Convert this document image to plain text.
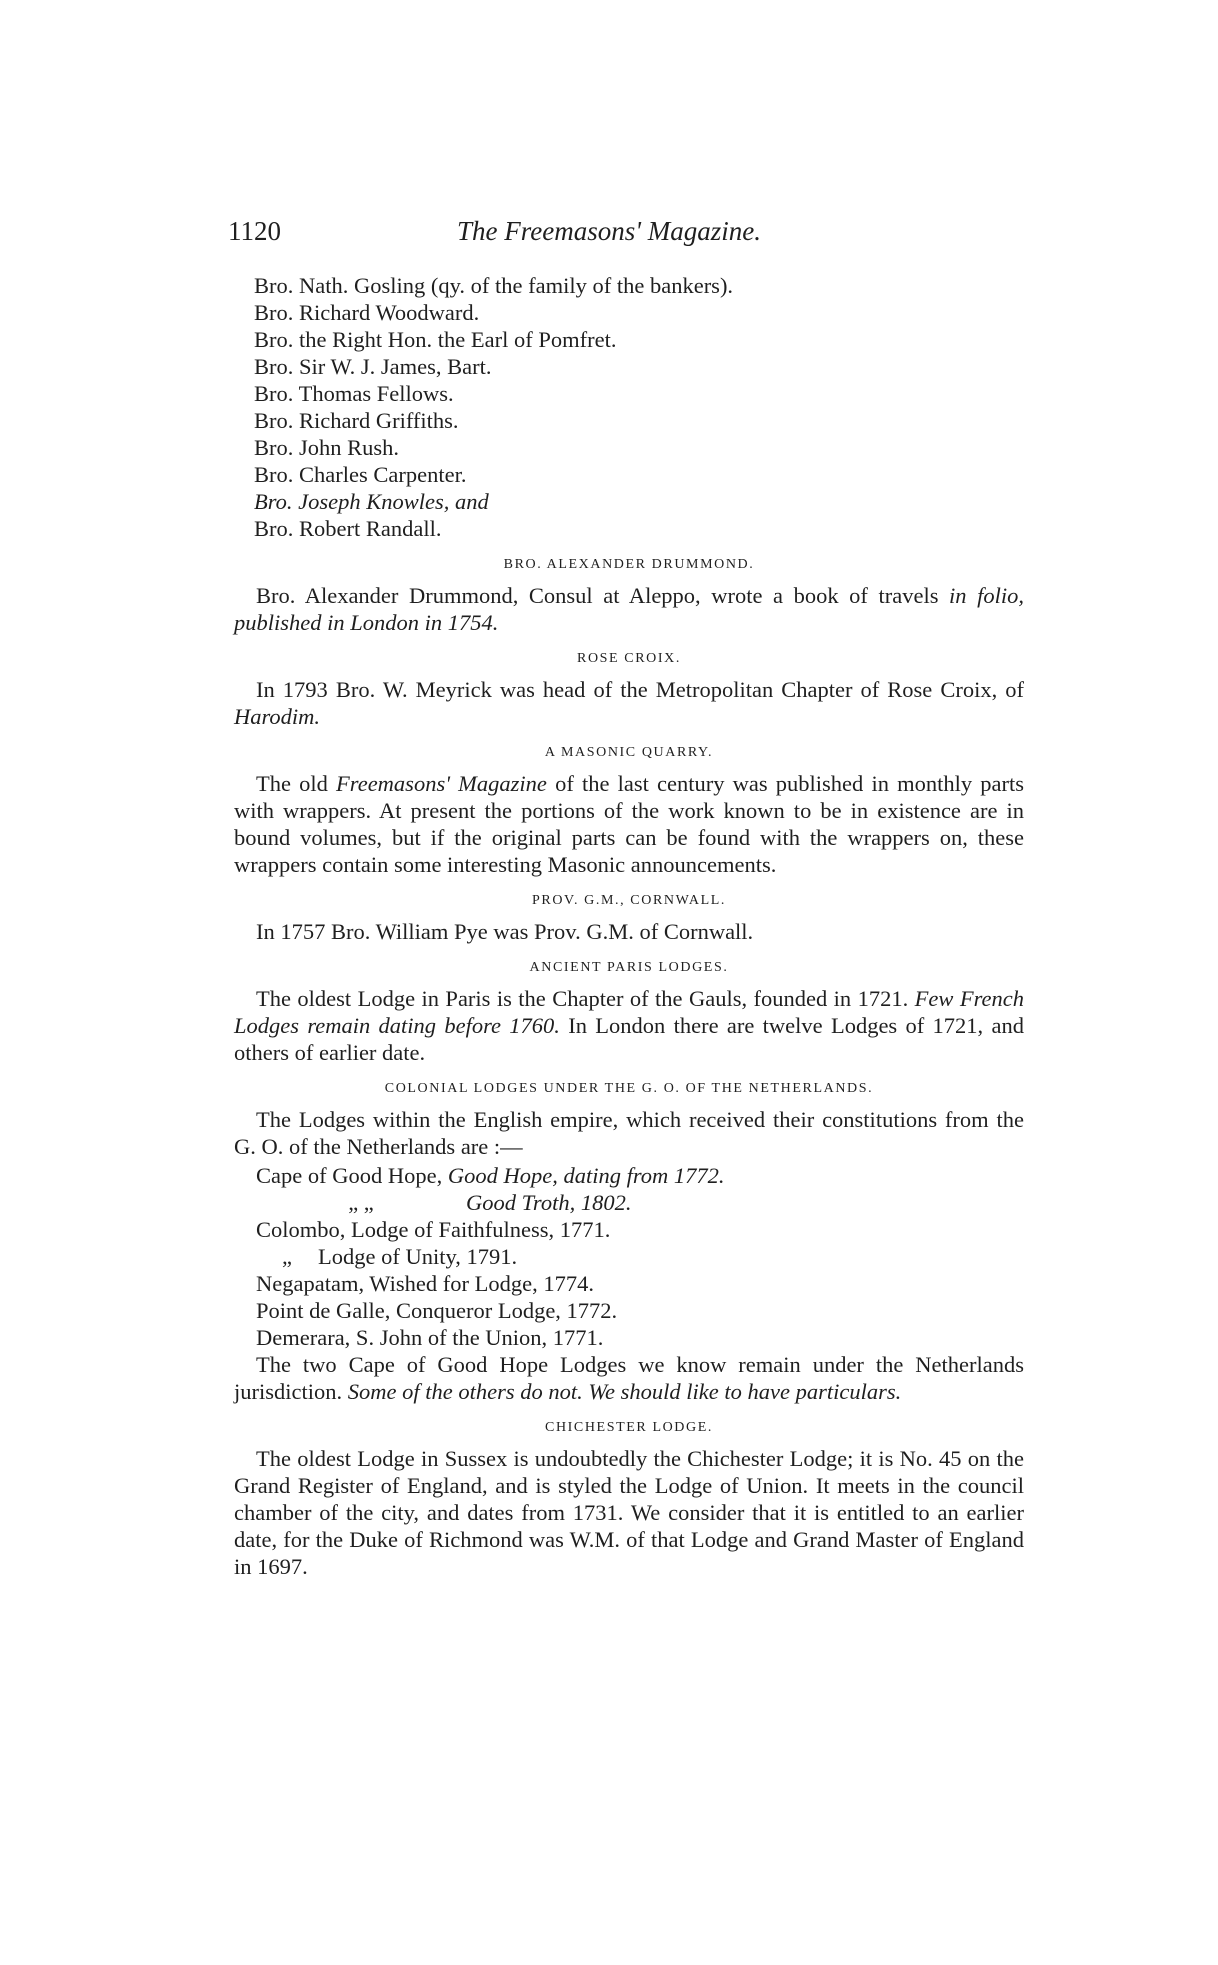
1120	The Freemasons' Magazine.
Bro. Nath. Gosling (qy. of the family of the bankers).
Bro. Richard Woodward.
Bro. the Right Hon. the Earl of Pomfret.
Bro. Sir W. J. James, Bart.
Bro. Thomas Fellows.
Bro. Richard Griffiths.
Bro. John Rush.
Bro. Charles Carpenter.
Bro. Joseph Knowles, and
Bro. Robert Randall.
BRO. ALEXANDER DRUMMOND.

Bro. Alexander Drummond, Consul at Aleppo, wrote a book of travels in folio, published in London in 1754.

ROSE CROIX.

In 1793 Bro. W. Meyrick was head of the Metropolitan Chapter of Rose Croix, of Harodim.

A MASONIC QUARRY.

The old Freemasons' Magazine of the last century was published in monthly parts with wrappers. At present the portions of the work known to be in existence are in bound volumes, but if the original parts can be found with the wrappers on, these wrappers contain some interesting Masonic announcements.

PROV. G.M., CORNWALL.

In 1757 Bro. William Pye was Prov. G.M. of Cornwall.

ANCIENT PARIS LODGES.

The oldest Lodge in Paris is the Chapter of the Gauls, founded in 1721. Few French Lodges remain dating before 1760. In London there are twelve Lodges of 1721, and others of earlier date.

COLONIAL LODGES UNDER THE G. O. OF THE NETHERLANDS.

The Lodges within the English empire, which received their constitutions from the G. O. of the Netherlands are :—

Cape of Good Hope, Good Hope, dating from 1772.
„ „	Good Troth, 1802.
Colombo, Lodge of Faithfulness, 1771.
„ Lodge of Unity, 1791.
Negapatam, Wished for Lodge, 1774.
Point de Galle, Conqueror Lodge, 1772.
Demerara, S. John of the Union, 1771.

The two Cape of Good Hope Lodges we know remain under the Netherlands jurisdiction. Some of the others do not. We should like to have particulars.

CHICHESTER LODGE.

The oldest Lodge in Sussex is undoubtedly the Chichester Lodge; it is No. 45 on the Grand Register of England, and is styled the Lodge of Union. It meets in the council chamber of the city, and dates from 1731. We consider that it is entitled to an earlier date, for the Duke of Richmond was W.M. of that Lodge and Grand Master of England in 1697.
